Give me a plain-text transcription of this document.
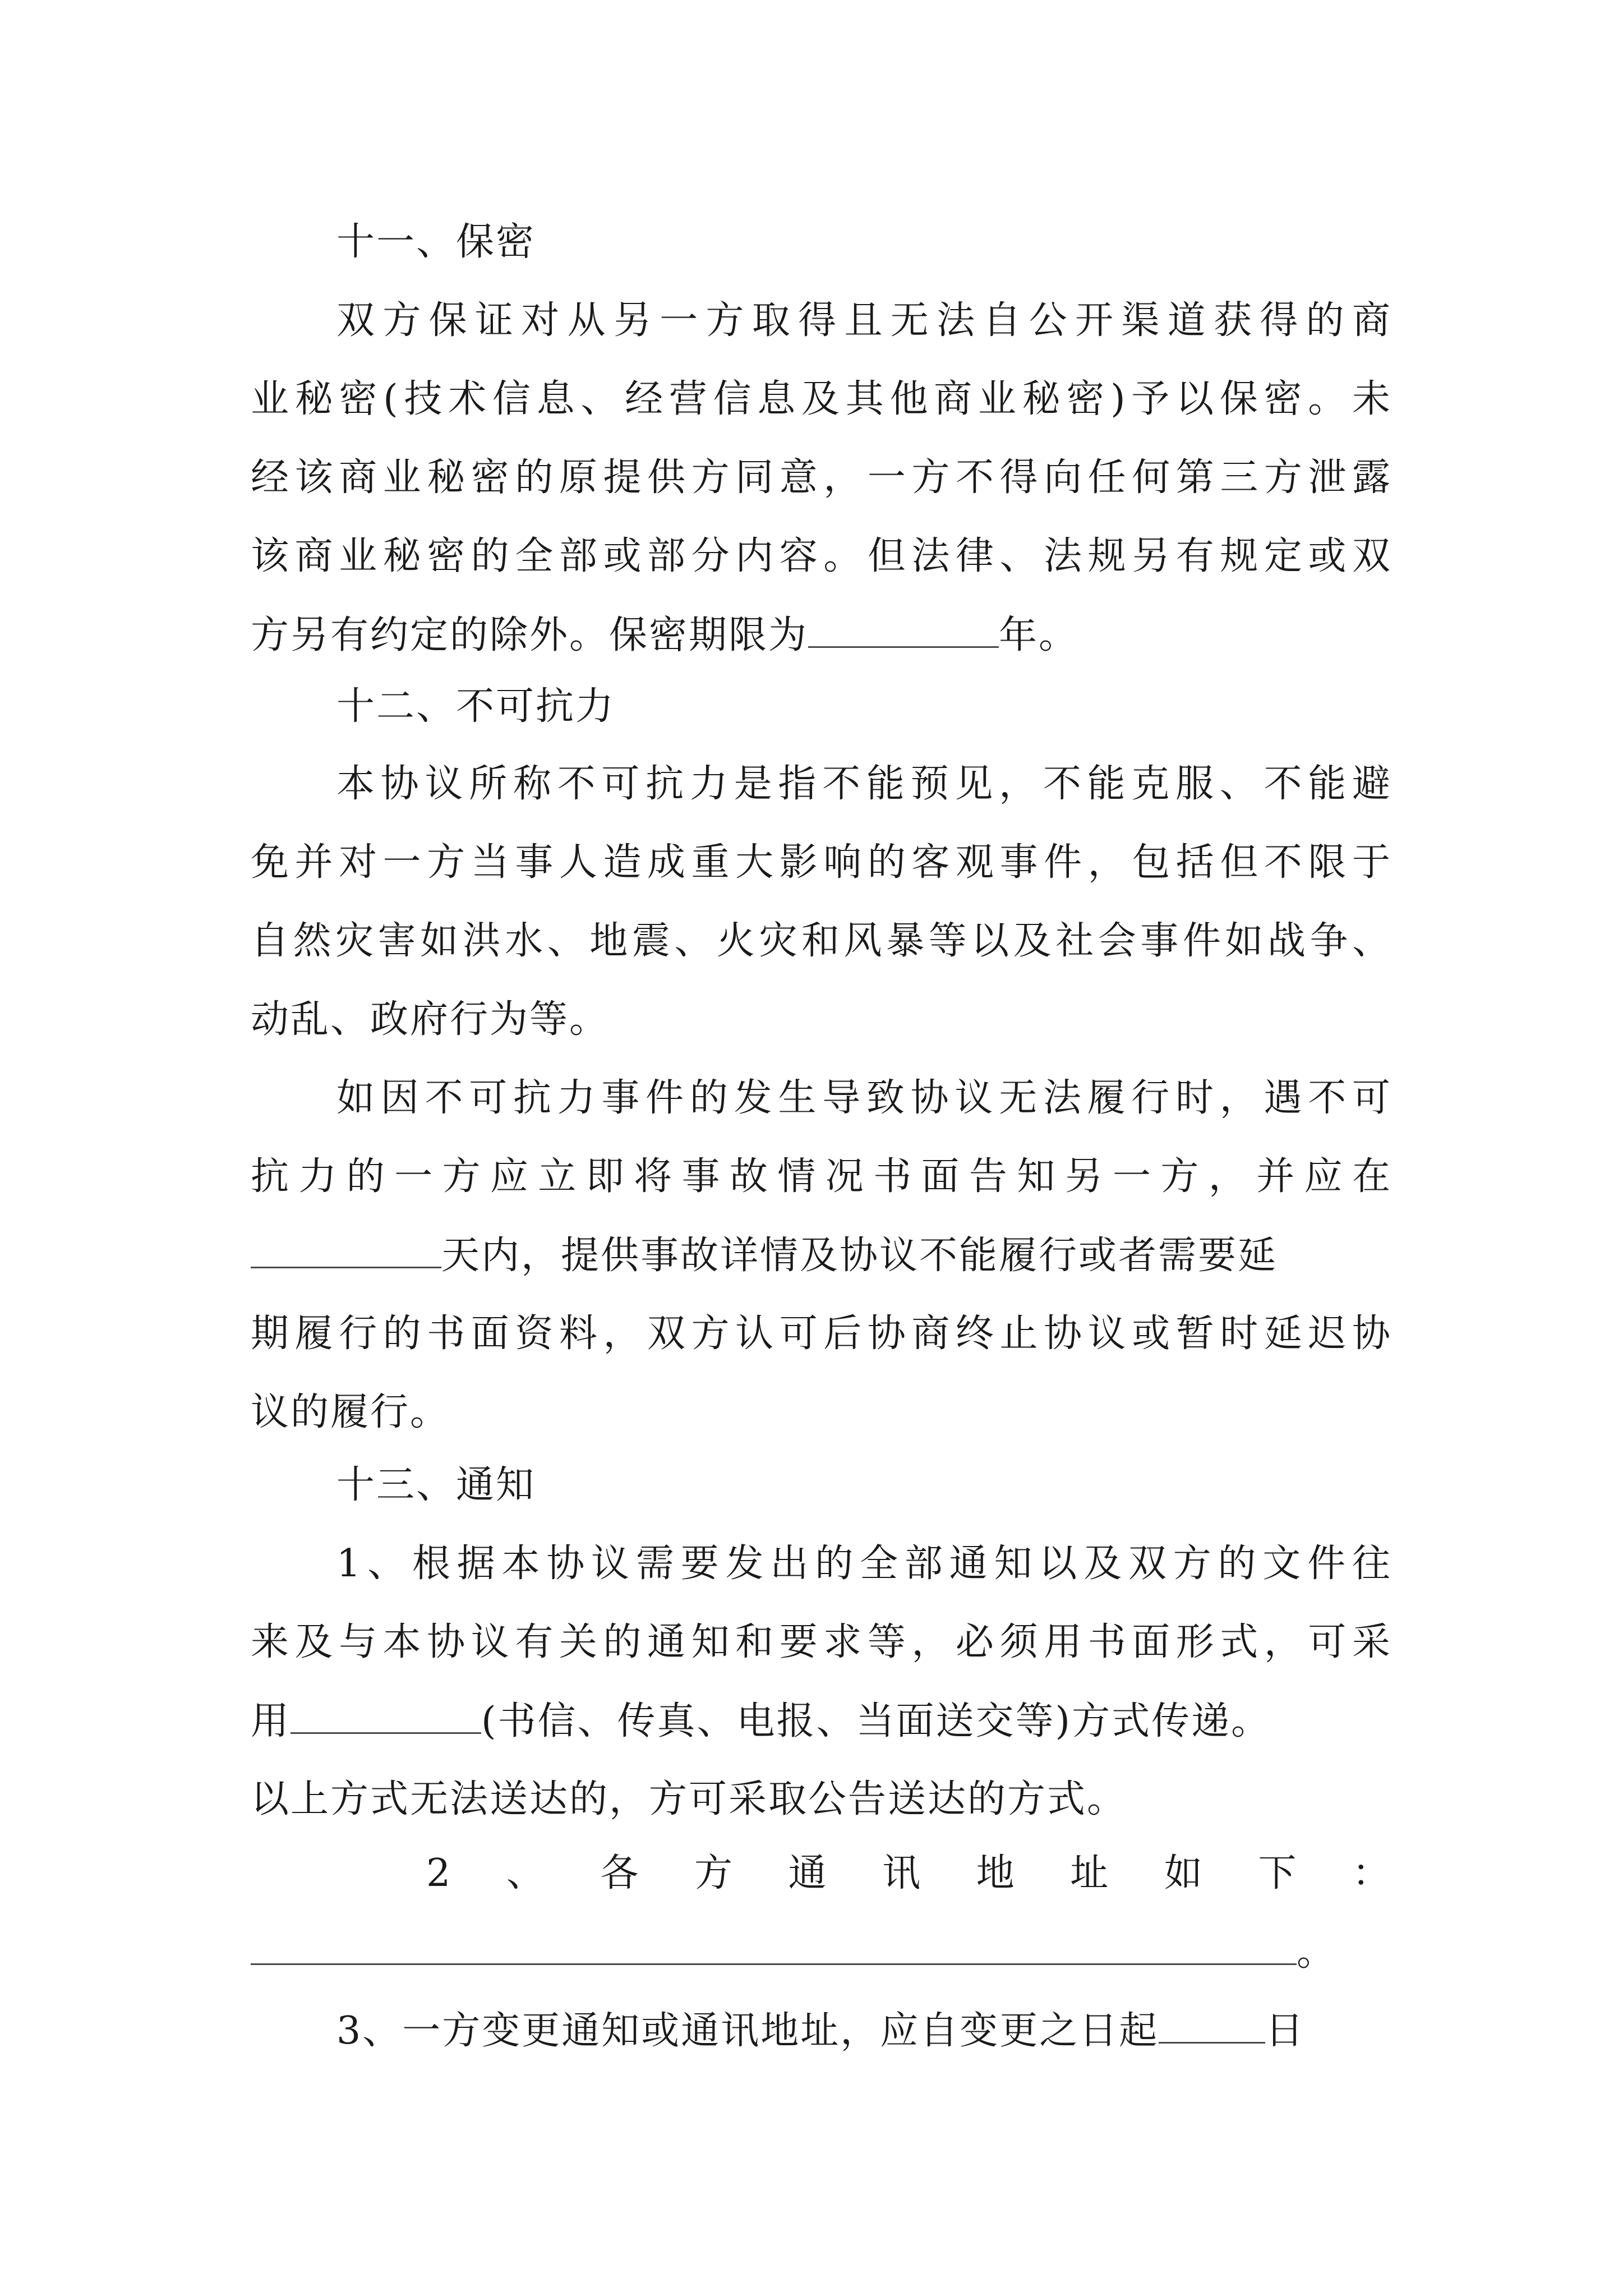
十一、保密
双方保证对从另一方取得且无法自公开渠道获得的商
业秘密(技术信息、经营信息及其他商业秘密)予以保密。未
经该商业秘密的原提供方同意，一方不得向任何第三方泄露
该商业秘密的全部或部分内容。但法律、法规另有规定或双
方另有约定的除外。保密期限为	年。
十二、不可抗力
本协议所称不可抗力是指不能预见，不能克服、不能避
免并对一方当事人造成重大影响的客观事件，包括但不限于
自然灾害如洪水、地震、火灾和风暴等以及社会事件如战争、
动乱、政府行为等。
如因不可抗力事件的发生导致协议无法履行时，遇不可
抗力的一方应立即将事故情况书面告知另一方，并应在
天内，提供事故详情及协议不能履行或者需要延
期履行的书面资料，双方认可后协商终止协议或暂时延迟协
议的履行。
十三、通知
1、根据本协议需要发出的全部通知以及双方的文件往
来及与本协议有关的通知和要求等，必须用书面形式，可采
用	(书信、传真、电报、当面送交等)方式传递。
以上方式无法送达的，方可采取公告送达的方式。
2、各方通讯地址如下：
。
3、一方变更通知或通讯地址，应自变更之日起	日
